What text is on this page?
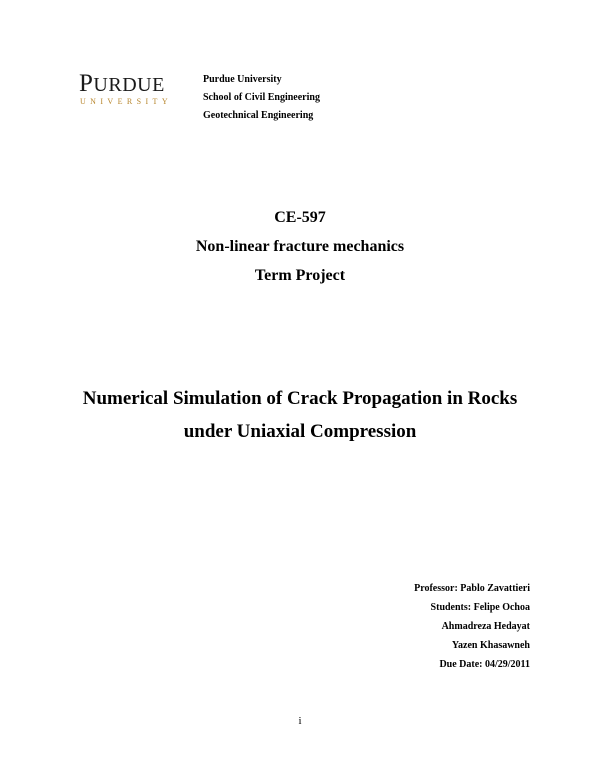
PURDUE
UNIVERSITY
Purdue University
School of Civil Engineering
Geotechnical Engineering
CE-597
Non-linear fracture mechanics
Term Project
Numerical Simulation of Crack Propagation in Rocks
under Uniaxial Compression
Professor: Pablo Zavattieri
Students: Felipe Ochoa
Ahmadreza Hedayat
Yazen Khasawneh
Due Date: 04/29/2011
i
